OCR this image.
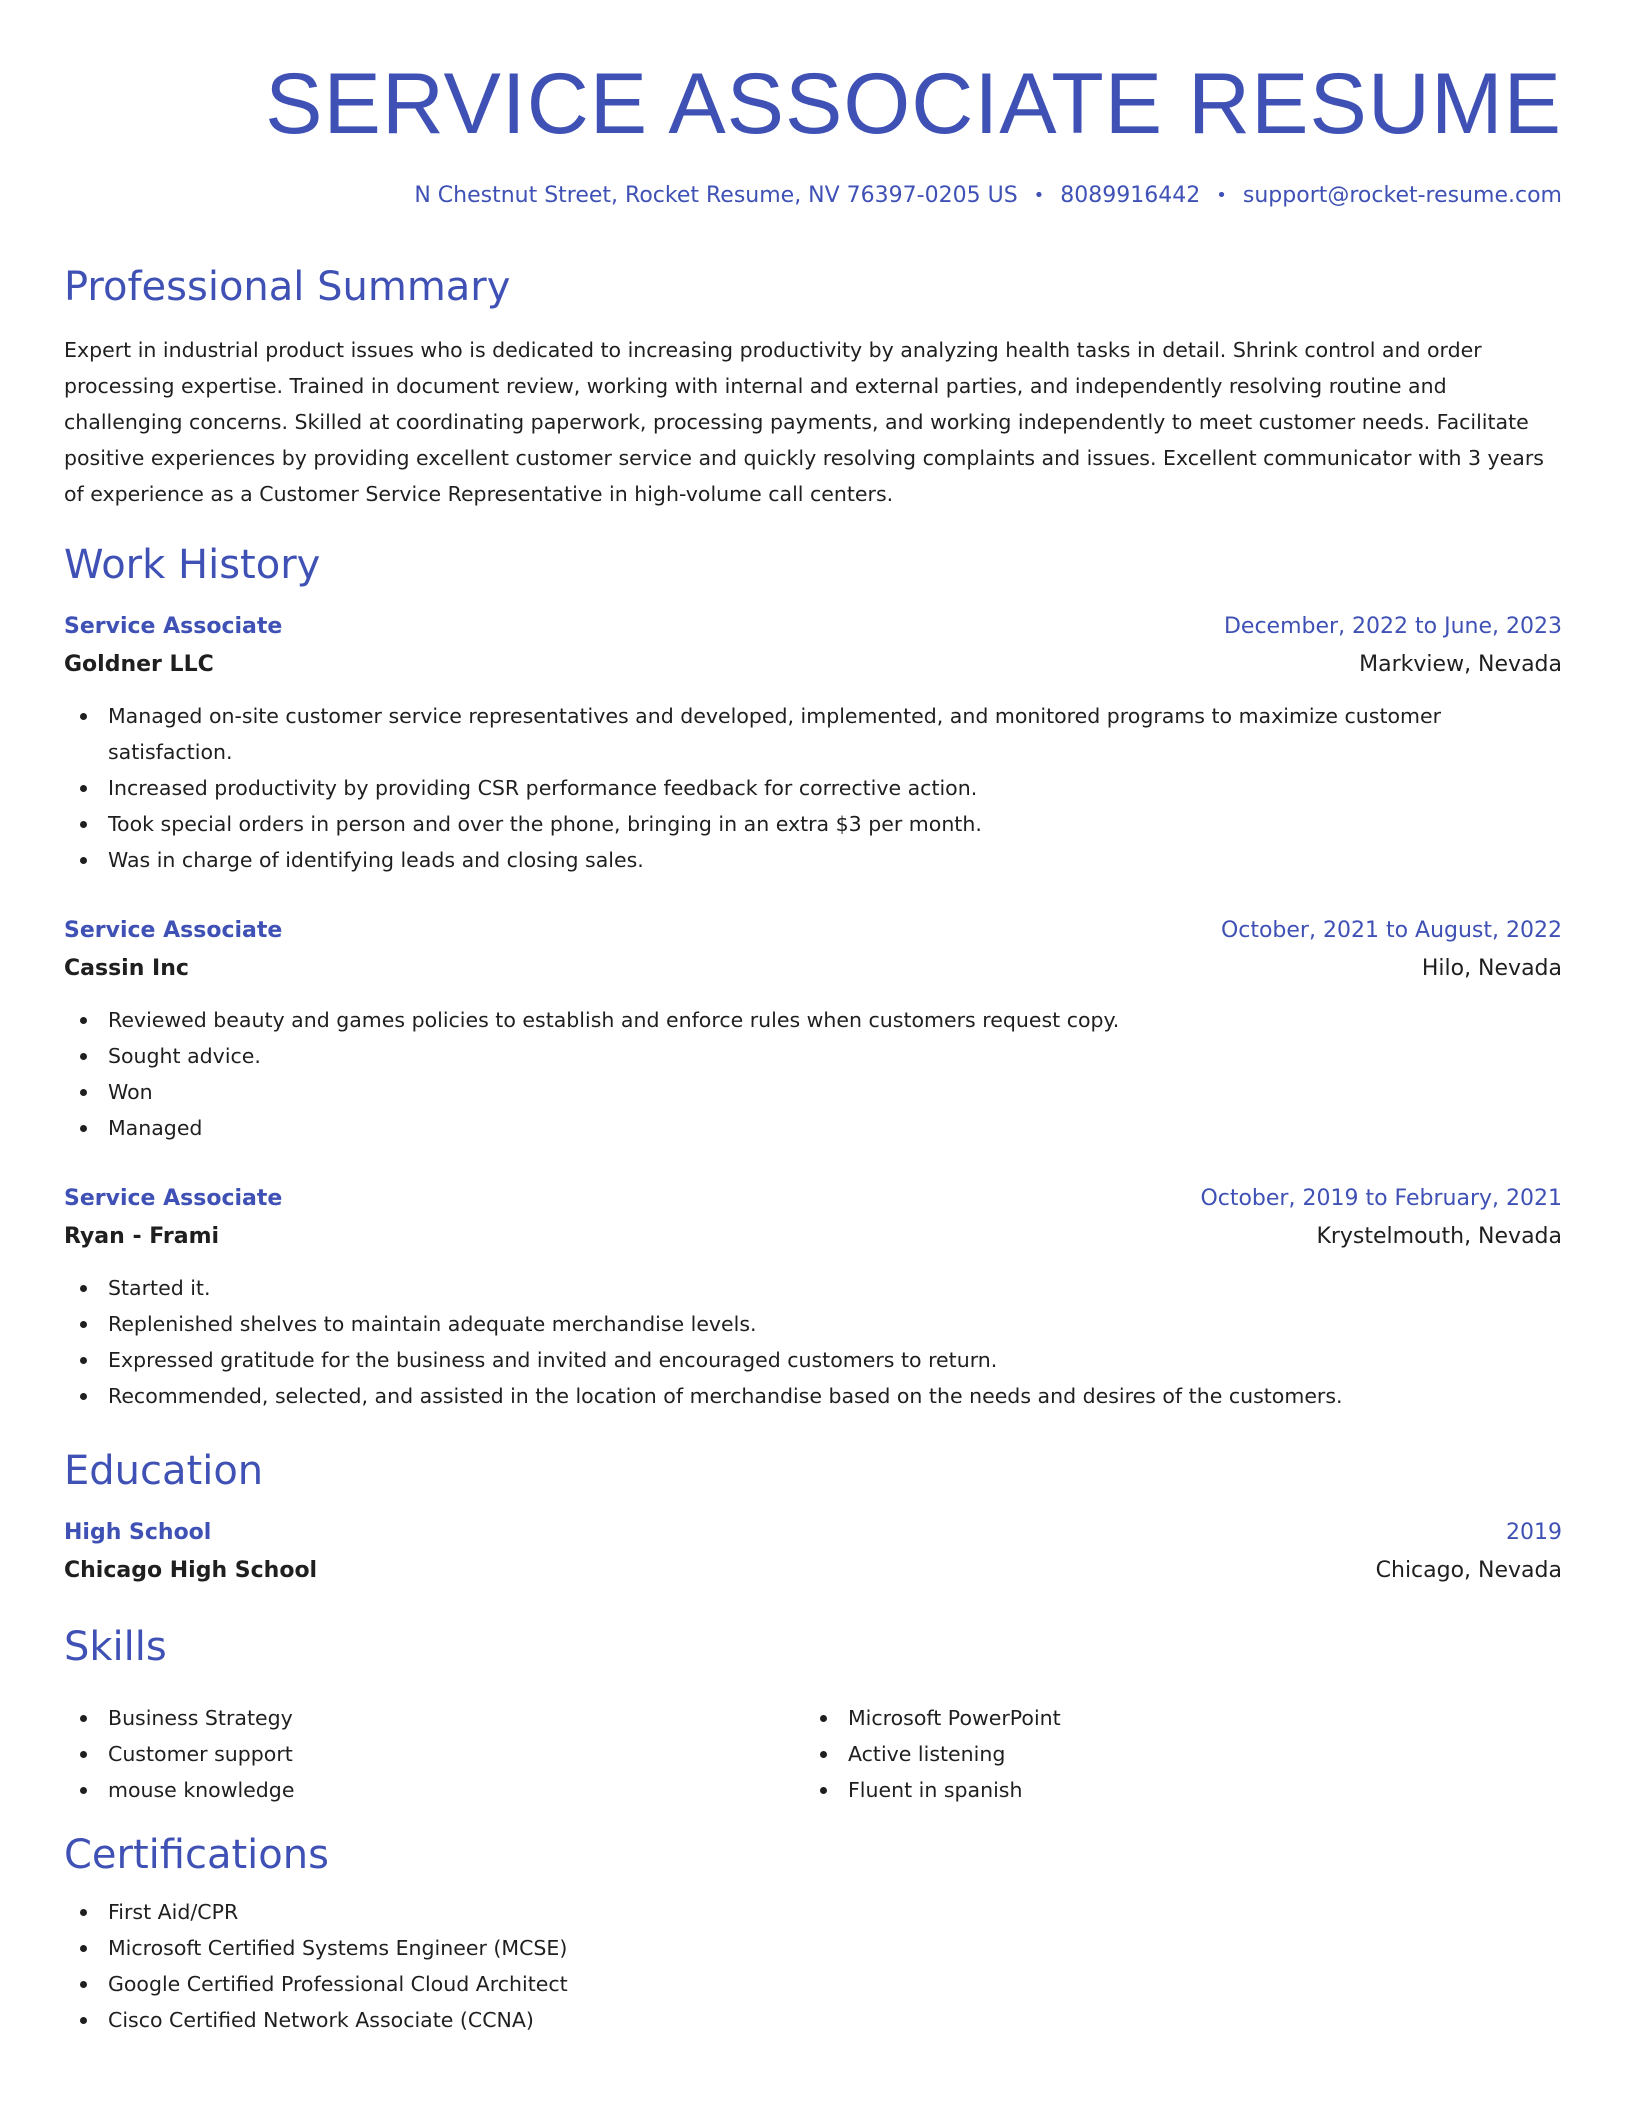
SERVICE ASSOCIATE RESUME
N Chestnut Street, Rocket Resume, NV 76397-0205 US • 8089916442 • support@rocket-resume.com
Professional Summary

Expert in industrial product issues who is dedicated to increasing productivity by analyzing health tasks in detail. Shrink control and order processing expertise. Trained in document review, working with internal and external parties, and independently resolving routine and challenging concerns. Skilled at coordinating paperwork, processing payments, and working independently to meet customer needs. Facilitate positive experiences by providing excellent customer service and quickly resolving complaints and issues. Excellent communicator with 3 years of experience as a Customer Service Representative in high-volume call centers.

Work History
Service Associate	December, 2022 to June, 2023
Goldner LLC	Markview, Nevada
Managed on-site customer service representatives and developed, implemented, and monitored programs to maximize customer satisfaction.
Increased productivity by providing CSR performance feedback for corrective action.
Took special orders in person and over the phone, bringing in an extra $3 per month.
Was in charge of identifying leads and closing sales.
Service Associate	October, 2021 to August, 2022
Cassin Inc	Hilo, Nevada
Reviewed beauty and games policies to establish and enforce rules when customers request copy.
Sought advice.
Won
Managed
Service Associate	October, 2019 to February, 2021
Ryan - Frami	Krystelmouth, Nevada
Started it.
Replenished shelves to maintain adequate merchandise levels.
Expressed gratitude for the business and invited and encouraged customers to return.
Recommended, selected, and assisted in the location of merchandise based on the needs and desires of the customers.
Education
High School	2019
Chicago High School	Chicago, Nevada
Skills
Business Strategy
Customer support
mouse knowledge
Microsoft PowerPoint
Active listening
Fluent in spanish
Certifications
First Aid/CPR
Microsoft Certified Systems Engineer (MCSE)
Google Certified Professional Cloud Architect
Cisco Certified Network Associate (CCNA)
